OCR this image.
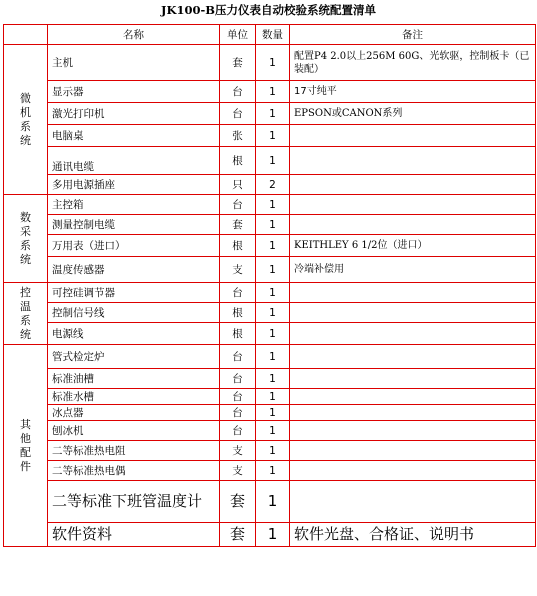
JK100-B压力仪表自动校验系统配置清单
	名称	单位	数量	备注
微机系统	主机	套	1	配置P4 2.0以上256M 60G、光软驱，控制板卡（已装配）
	显示器	台	1	17寸纯平
	激光打印机	台	1	EPSON或CANON系列
	电脑桌	张	1	
	通讯电缆	根	1	
	多用电源插座	只	2	
数采系统	主控箱	台	1	
	测量控制电缆	套	1	
	万用表（进口）	根	1	KEITHLEY 6 1/2位（进口）
	温度传感器	支	1	冷端补偿用
控温系统	可控硅调节器	台	1	
	控制信号线	根	1	
	电源线	根	1	
其他配件	管式检定炉	台	1	
	标准油槽	台	1	
	标准水槽	台	1	
	冰点器	台	1	
	刨冰机	台	1	
	二等标准热电阻	支	1	
	二等标准热电偶	支	1	
	二等标准下班管温度计	套	1	
	软件资料	套	1	软件光盘、合格证、说明书
